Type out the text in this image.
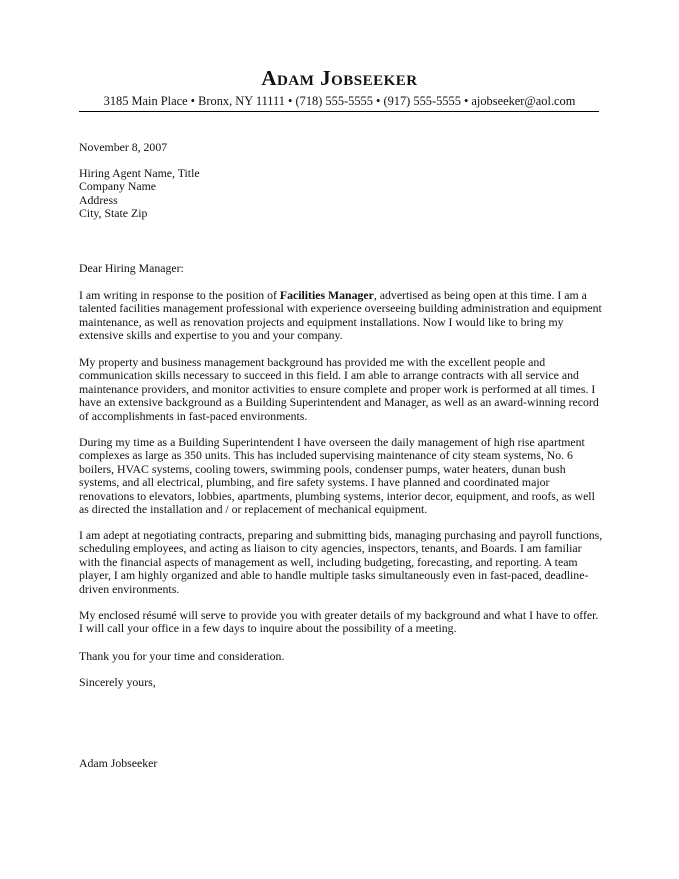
Adam Jobseeker
3185 Main Place • Bronx, NY 11111 • (718) 555-5555 • (917) 555-5555 • ajobseeker@aol.com

November 8, 2007

Hiring Agent Name, Title
Company Name
Address
City, State Zip

Dear Hiring Manager:

I am writing in response to the position of Facilities Manager, advertised as being open at this time. I am a
talented facilities management professional with experience overseeing building administration and equipment
maintenance, as well as renovation projects and equipment installations. Now I would like to bring my
extensive skills and expertise to you and your company.

My property and business management background has provided me with the excellent people and
communication skills necessary to succeed in this field. I am able to arrange contracts with all service and
maintenance providers, and monitor activities to ensure complete and proper work is performed at all times. I
have an extensive background as a Building Superintendent and Manager, as well as an award-winning record
of accomplishments in fast-paced environments.

During my time as a Building Superintendent I have overseen the daily management of high rise apartment
complexes as large as 350 units. This has included supervising maintenance of city steam systems, No. 6
boilers, HVAC systems, cooling towers, swimming pools, condenser pumps, water heaters, dunan bush
systems, and all electrical, plumbing, and fire safety systems. I have planned and coordinated major
renovations to elevators, lobbies, apartments, plumbing systems, interior decor, equipment, and roofs, as well
as directed the installation and / or replacement of mechanical equipment.

I am adept at negotiating contracts, preparing and submitting bids, managing purchasing and payroll functions,
scheduling employees, and acting as liaison to city agencies, inspectors, tenants, and Boards. I am familiar
with the financial aspects of management as well, including budgeting, forecasting, and reporting. A team
player, I am highly organized and able to handle multiple tasks simultaneously even in fast-paced, deadline-
driven environments.

My enclosed résumé will serve to provide you with greater details of my background and what I have to offer.
I will call your office in a few days to inquire about the possibility of a meeting.

Thank you for your time and consideration.

Sincerely yours,

Adam Jobseeker
